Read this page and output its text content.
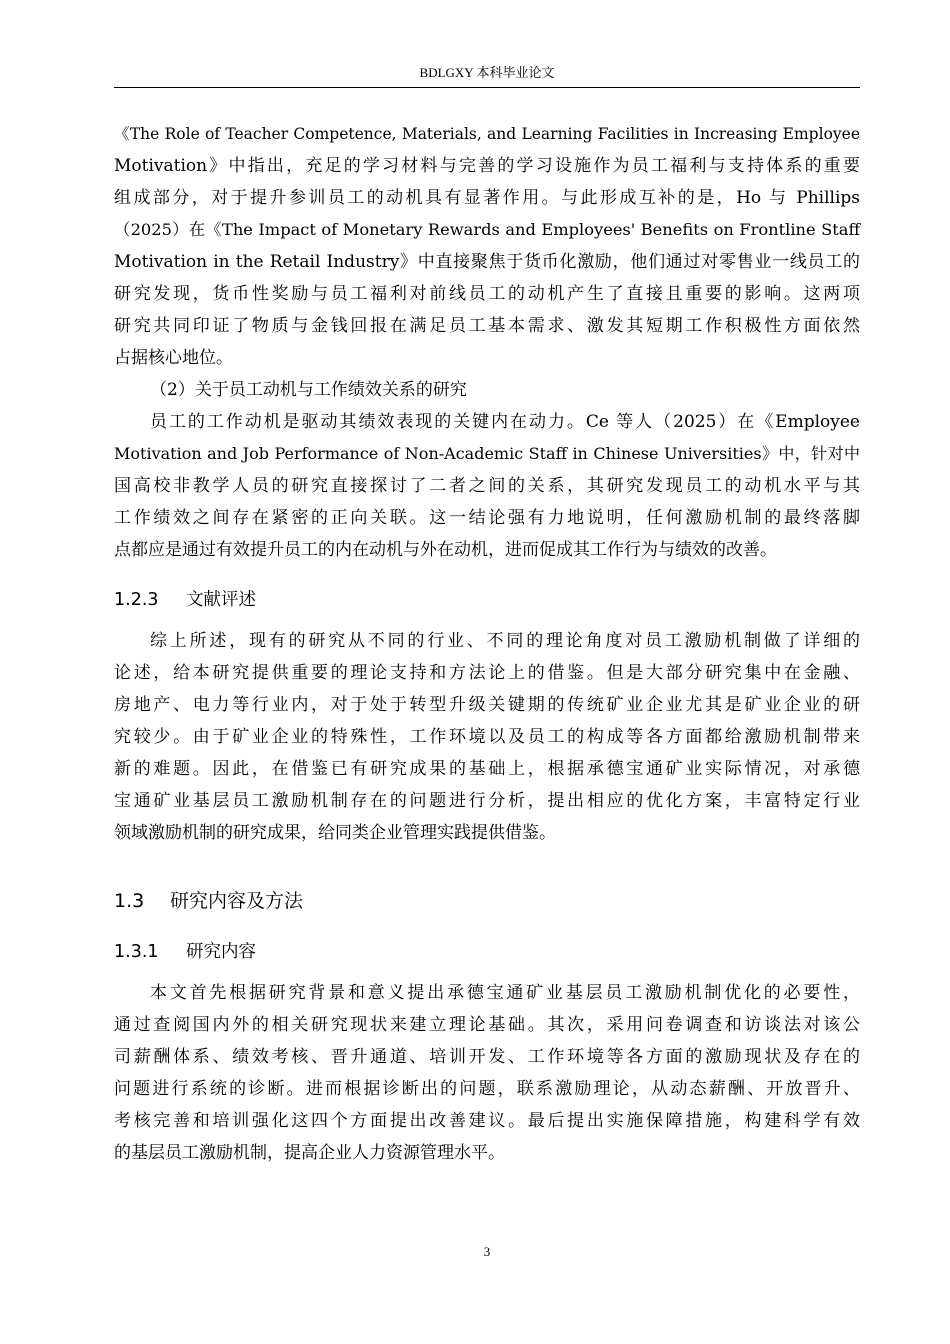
BDLGXY 本科毕业论文
《The Role of Teacher Competence, Materials, and Learning Facilities in Increasing Employee
Motivation》中指出，充足的学习材料与完善的学习设施作为员工福利与支持体系的重要
组成部分，对于提升参训员工的动机具有显著作用。与此形成互补的是，Ho 与 Phillips
（2025）在《The Impact of Monetary Rewards and Employees' Benefits on Frontline Staff
Motivation in the Retail Industry》中直接聚焦于货币化激励，他们通过对零售业一线员工的
研究发现，货币性奖励与员工福利对前线员工的动机产生了直接且重要的影响。这两项
研究共同印证了物质与金钱回报在满足员工基本需求、激发其短期工作积极性方面依然
占据核心地位。
（2）关于员工动机与工作绩效关系的研究
员工的工作动机是驱动其绩效表现的关键内在动力。Ce 等人（2025）在《Employee
Motivation and Job Performance of Non-Academic Staff in Chinese Universities》中，针对中
国高校非教学人员的研究直接探讨了二者之间的关系，其研究发现员工的动机水平与其
工作绩效之间存在紧密的正向关联。这一结论强有力地说明，任何激励机制的最终落脚
点都应是通过有效提升员工的内在动机与外在动机，进而促成其工作行为与绩效的改善。
1.2.3 文献评述
综上所述，现有的研究从不同的行业、不同的理论角度对员工激励机制做了详细的
论述，给本研究提供重要的理论支持和方法论上的借鉴。但是大部分研究集中在金融、
房地产、电力等行业内，对于处于转型升级关键期的传统矿业企业尤其是矿业企业的研
究较少。由于矿业企业的特殊性，工作环境以及员工的构成等各方面都给激励机制带来
新的难题。因此，在借鉴已有研究成果的基础上，根据承德宝通矿业实际情况，对承德
宝通矿业基层员工激励机制存在的问题进行分析，提出相应的优化方案，丰富特定行业
领域激励机制的研究成果，给同类企业管理实践提供借鉴。
1.3 研究内容及方法
1.3.1 研究内容
本文首先根据研究背景和意义提出承德宝通矿业基层员工激励机制优化的必要性，
通过查阅国内外的相关研究现状来建立理论基础。其次，采用问卷调查和访谈法对该公
司薪酬体系、绩效考核、晋升通道、培训开发、工作环境等各方面的激励现状及存在的
问题进行系统的诊断。进而根据诊断出的问题，联系激励理论，从动态薪酬、开放晋升、
考核完善和培训强化这四个方面提出改善建议。最后提出实施保障措施，构建科学有效
的基层员工激励机制，提高企业人力资源管理水平。
3
